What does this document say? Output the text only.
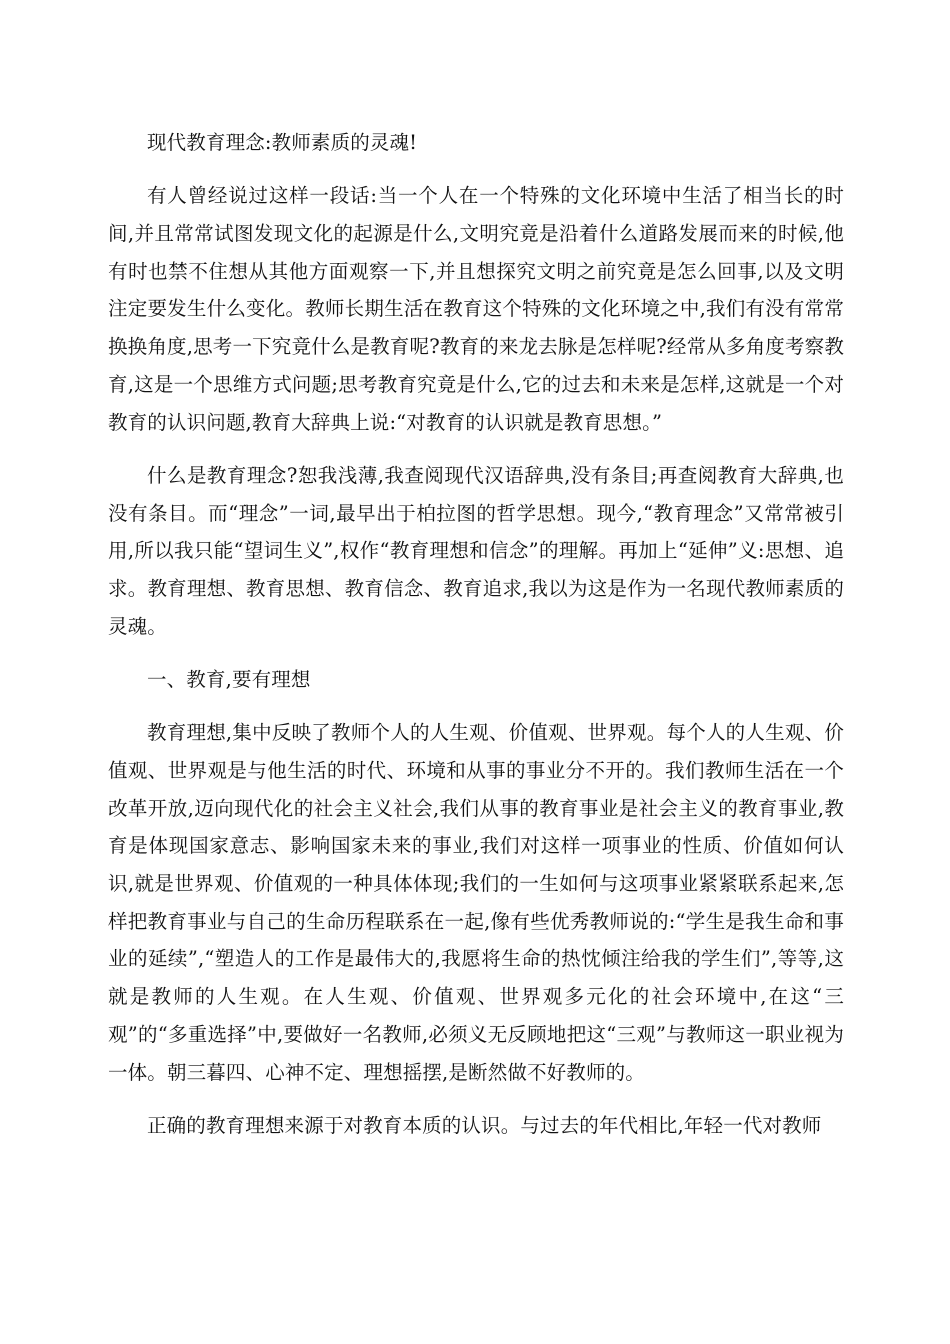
现代教育理念:教师素质的灵魂!

有人曾经说过这样一段话:当一个人在一个特殊的文化环境中生活了相当长的时间,并且常常试图发现文化的起源是什么,文明究竟是沿着什么道路发展而来的时候,他有时也禁不住想从其他方面观察一下,并且想探究文明之前究竟是怎么回事,以及文明注定要发生什么变化。教师长期生活在教育这个特殊的文化环境之中,我们有没有常常换换角度,思考一下究竟什么是教育呢?教育的来龙去脉是怎样呢?经常从多角度考察教育,这是一个思维方式问题;思考教育究竟是什么,它的过去和未来是怎样,这就是一个对教育的认识问题,教育大辞典上说:“对教育的认识就是教育思想。”

什么是教育理念?恕我浅薄,我查阅现代汉语辞典,没有条目;再查阅教育大辞典,也没有条目。而“理念”一词,最早出于柏拉图的哲学思想。现今,“教育理念”又常常被引用,所以我只能“望词生义”,权作“教育理想和信念”的理解。再加上“延伸”义:思想、追求。教育理想、教育思想、教育信念、教育追求,我以为这是作为一名现代教师素质的灵魂。

一、教育,要有理想

教育理想,集中反映了教师个人的人生观、价值观、世界观。每个人的人生观、价值观、世界观是与他生活的时代、环境和从事的事业分不开的。我们教师生活在一个改革开放,迈向现代化的社会主义社会,我们从事的教育事业是社会主义的教育事业,教育是体现国家意志、影响国家未来的事业,我们对这样一项事业的性质、价值如何认识,就是世界观、价值观的一种具体体现;我们的一生如何与这项事业紧紧联系起来,怎样把教育事业与自己的生命历程联系在一起,像有些优秀教师说的:“学生是我生命和事业的延续”,“塑造人的工作是最伟大的,我愿将生命的热忱倾注给我的学生们”,等等,这就是教师的人生观。在人生观、价值观、世界观多元化的社会环境中,在这“三观”的“多重选择”中,要做好一名教师,必须义无反顾地把这“三观”与教师这一职业视为一体。朝三暮四、心神不定、理想摇摆,是断然做不好教师的。

正确的教育理想来源于对教育本质的认识。与过去的年代相比,年轻一代对教师
